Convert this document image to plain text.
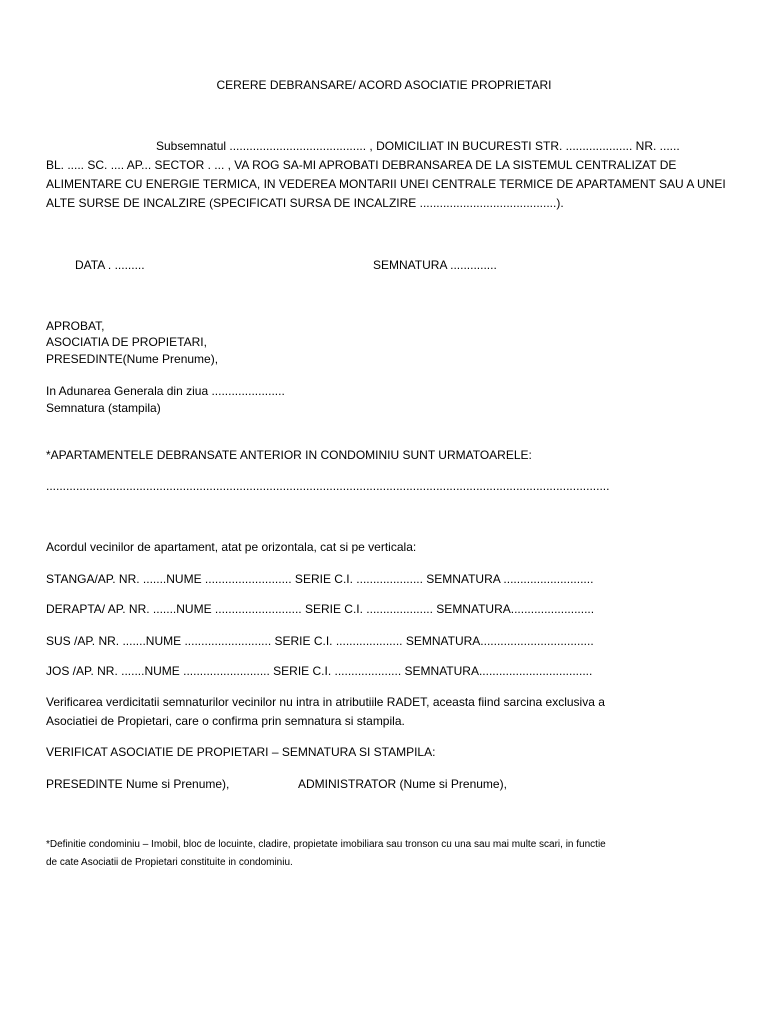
CERERE DEBRANSARE/ ACORD ASOCIATIE PROPRIETARI
Subsemnatul ......................................... , DOMICILIAT IN BUCURESTI STR. .................... NR. ......
BL. ..... SC. .... AP... SECTOR . ... , VA ROG SA-MI APROBATI DEBRANSAREA DE LA SISTEMUL CENTRALIZAT DE
ALIMENTARE CU ENERGIE TERMICA, IN VEDEREA MONTARII UNEI CENTRALE TERMICE DE APARTAMENT SAU A UNEI
ALTE SURSE DE INCALZIRE (SPECIFICATI SURSA DE INCALZIRE .........................................).
DATA . .........	SEMNATURA ..............
APROBAT,
ASOCIATIA DE PROPIETARI,
PRESEDINTE(Nume Prenume),
In Adunarea Generala din ziua ......................
Semnatura (stampila)
*APARTAMENTELE DEBRANSATE ANTERIOR IN CONDOMINIU SUNT URMATOARELE:
.........................................................................................................................................................................
Acordul vecinilor de apartament, atat pe orizontala, cat si pe verticala:
STANGA/AP. NR. .......NUME .......................... SERIE C.I. .................... SEMNATURA ...........................
DERAPTA/ AP. NR. .......NUME .......................... SERIE C.I. .................... SEMNATURA.........................
SUS /AP. NR. .......NUME .......................... SERIE C.I. .................... SEMNATURA..................................
JOS /AP. NR. .......NUME .......................... SERIE C.I. .................... SEMNATURA..................................
Verificarea verdicitatii semnaturilor vecinilor nu intra in atributiile RADET, aceasta fiind sarcina exclusiva a
Asociatiei de Propietari, care o confirma prin semnatura si stampila.
VERIFICAT ASOCIATIE DE PROPIETARI – SEMNATURA SI STAMPILA:
PRESEDINTE Nume si Prenume),	ADMINISTRATOR (Nume si Prenume),
*Definitie condominiu – Imobil, bloc de locuinte, cladire, propietate imobiliara sau tronson cu una sau mai multe scari, in functie
de cate Asociatii de Propietari constituite in condominiu.
